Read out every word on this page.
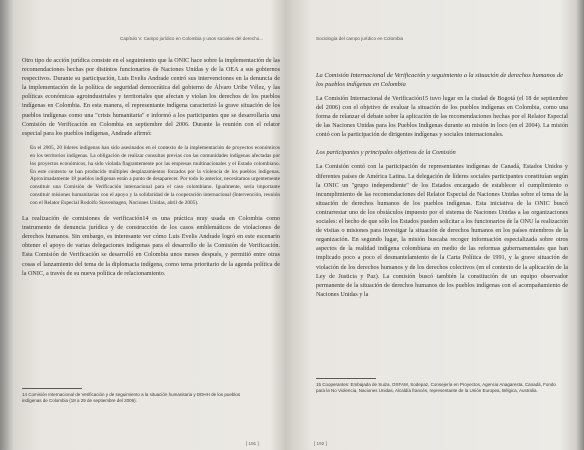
Capítulo V. Campo jurídico en Colombia y usos sociales del derecho...

Otro tipo de acción jurídica consiste en el seguimiento que la ONIC hace sobre la implementación de las recomendaciones hechas por distintos funcionarios de Naciones Unidas y de la OEA a sus gobiernos respectivos. Durante su participación, Luis Evelis Andrade centró sus intervenciones en la denuncia de la implementación de la política de seguridad democrática del gobierno de Álvaro Uribe Vélez, y las políticas económicas agroindustriales y territoriales que afectan y violan los derechos de los pueblos indígenas en Colombia. En esta manera, el representante indígena caracterizó la grave situación de los pueblos indígenas como una "crisis humanitaria" e informó a los participantes que se desarrollaría una Comisión de Verificación en Colombia en septiembre del 2006. Durante la reunión con el relator especial para los pueblos indígenas, Andrade afirmó:

En el 2005, 20 líderes indígenas han sido asesinados en el contexto de la implementación de proyectos económicos en los territorios indígenas. La obligación de realizar consultas previas con las comunidades indígenas afectadas por los proyectos económicos, ha sido violada flagrantemente por las empresas multinacionales y el Estado colombiano. En este contexto se han producido múltiples desplazamientos forzados por la violencia de los pueblos indígenas. Aproximadamente 18 pueblos indígenas están a punto de desaparecer. Por todo lo anterior, necesitamos urgentemente constituir una Comisión de Verificación internacional para el caso colombiano. Igualmente, sería importante constituir misiones humanitarias con el apoyo y la solidaridad de la cooperación internacional (Intervención, reunión con el Relator Especial Rodolfo Stavenhagen, Naciones Unidas, abril de 2005).

La realización de comisiones de verificación14 es una práctica muy usada en Colombia como instrumento de denuncia jurídica y de construcción de los casos emblemáticos de violaciones de derechos humanos. Sin embargo, es interesante ver cómo Luis Evelis Andrade logró en este escenario obtener el apoyo de varias delegaciones indígenas para el desarrollo de la Comisión de Verificación. Esta Comisión de Verificación se desarrolló en Colombia unos meses después, y permitió entre otras cosas el lanzamiento del tema de la diplomacia indígena, como tema prioritario de la agenda política de la ONIC, a través de su nueva política de relacionamiento.

14 Comisión Internacional de Verificación y de seguimiento a la situación humanitaria y DDHH de los pueblos indígenas de Colombia (18 a 29 de septiembre del 2006).
[ 191 ]
Sociología del campo jurídico en Colombia

La Comisión Internacional de Verificación y seguimiento a la situación de derechos humanos de los pueblos indígenas en Colombia

La Comisión Internacional de Verificación15 tuvo lugar en la ciudad de Bogotá (el 18 de septiembre del 2006) con el objetivo de evaluar la situación de los pueblos indígenas en Colombia, como una forma de relanzar el debate sobre la aplicación de las recomendaciones hechas por el Relator Especial de las Naciones Unidas para los Pueblos Indígenas durante su misión in loco (en el 2004). La misión contó con la participación de dirigentes indígenas y sociales internacionales.

Los participantes y principales objetivos de la Comisión

La Comisión contó con la participación de representantes indígenas de Canadá, Estados Unidos y diferentes países de América Latina. La delegación de líderes sociales participantes constituían según la ONIC un "grupo independiente" de los Estados encargado de establecer el cumplimiento o incumplimiento de las recomendaciones del Relator Especial de Naciones Unidas sobre el tema de la situación de derechos humanos de los pueblos indígenas. Esta iniciativa de la ONIC buscó contrarrestar uno de los obstáculos impuesto por el sistema de Naciones Unidas a las organizaciones sociales: el hecho de que sólo los Estados pueden solicitar a los funcionarios de la ONU la realización de visitas o misiones para investigar la situación de derechos humanos en los países miembros de la organización. En segundo lugar, la misión buscaba recoger información especializada sobre otros aspectos de la realidad indígena colombiana en medio de las reformas gubernamentales que han implicado poco a poco el desmantelamiento de la Carta Política de 1991, y la grave situación de violación de los derechos humanos y de los derechos colectivos (en el contexto de la aplicación de la Ley de Justicia y Paz). La comisión buscó también la constitución de un equipo observador permanente de la situación de derechos humanos de los pueblos indígenas con el acompañamiento de Naciones Unidas y la

15 Cooperantes: Embajada de Suiza, OXFAM, Sodepaz, Consejería en Proyectos, Agencia Anagaresta, Canadá, Fondo para la No Violencia, Naciones Unidas, Alcaldía francés, representante de la Unión Europea, Bélgica, Australia.
[ 192 ]
